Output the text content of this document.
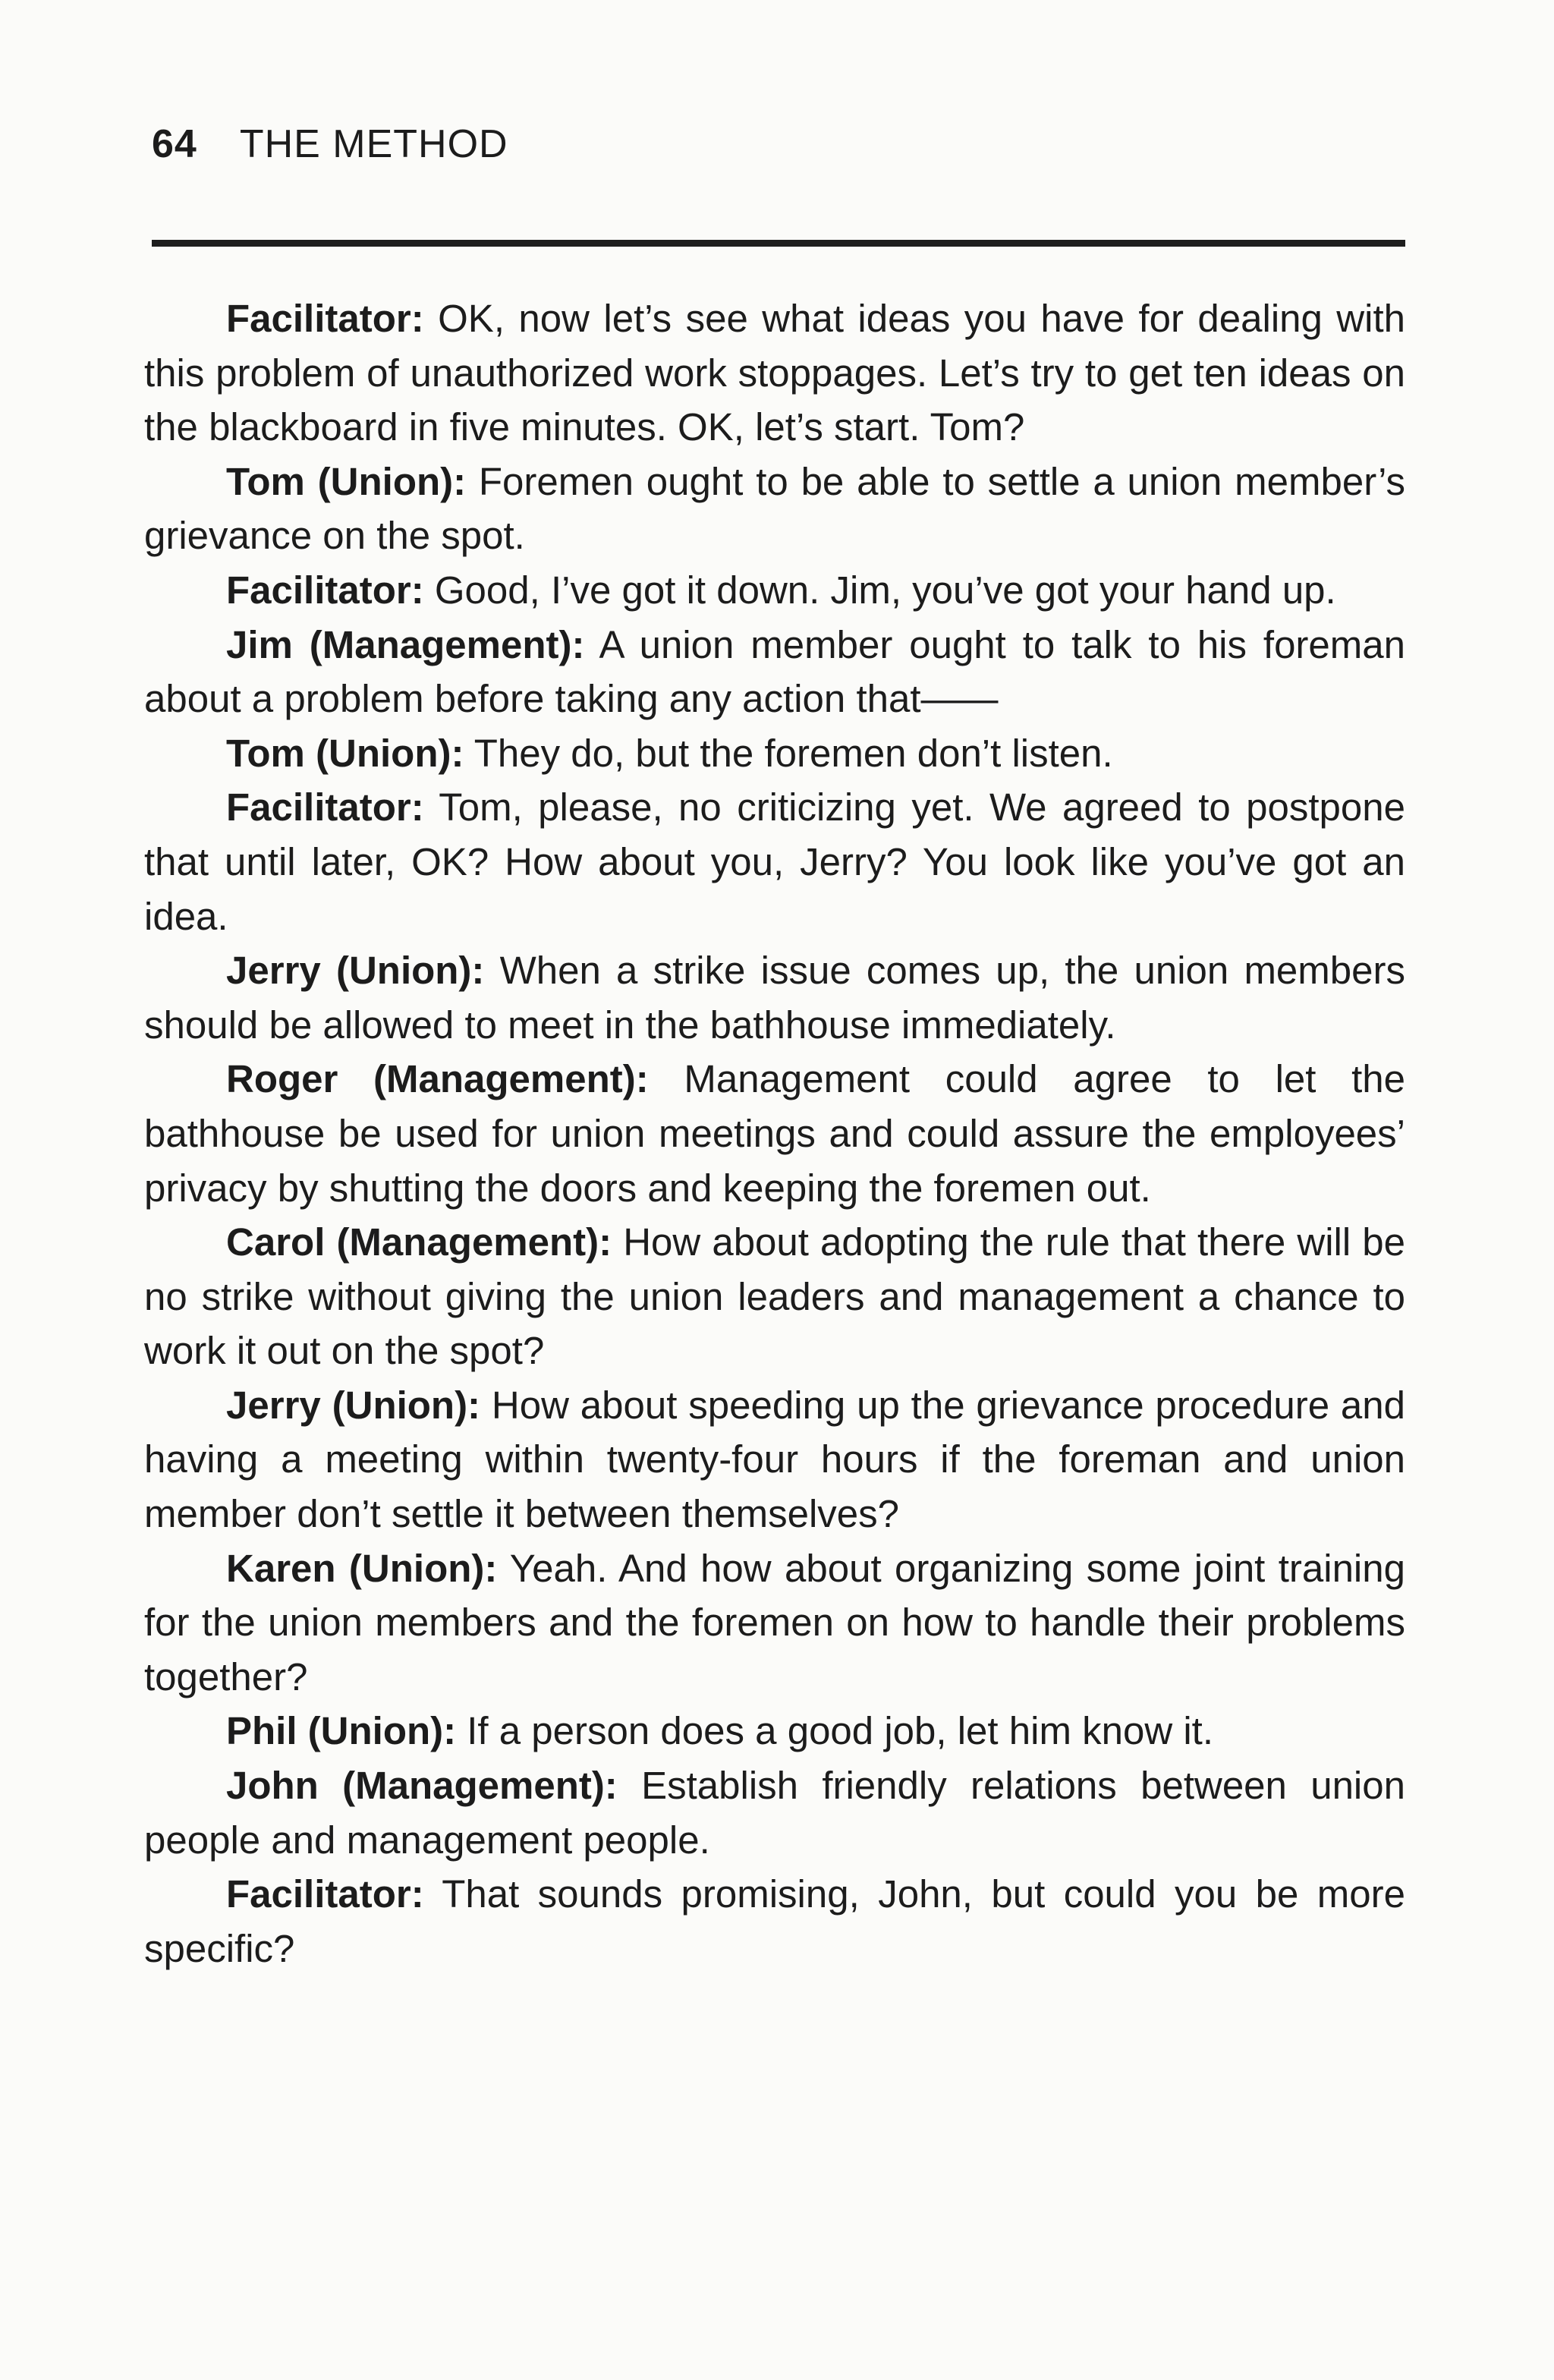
64 THE METHOD

Facilitator: OK, now let’s see what ideas you have for dealing with this problem of unauthorized work stoppages. Let’s try to get ten ideas on the blackboard in five minutes. OK, let’s start. Tom?

Tom (Union): Foremen ought to be able to settle a union member’s grievance on the spot.

Facilitator: Good, I’ve got it down. Jim, you’ve got your hand up.

Jim (Management): A union member ought to talk to his foreman about a problem before taking any action that——

Tom (Union): They do, but the foremen don’t listen.

Facilitator: Tom, please, no criticizing yet. We agreed to postpone that until later, OK? How about you, Jerry? You look like you’ve got an idea.

Jerry (Union): When a strike issue comes up, the union members should be allowed to meet in the bathhouse immediately.

Roger (Management): Management could agree to let the bathhouse be used for union meetings and could assure the employees’ privacy by shutting the doors and keeping the foremen out.

Carol (Management): How about adopting the rule that there will be no strike without giving the union leaders and management a chance to work it out on the spot?

Jerry (Union): How about speeding up the grievance procedure and having a meeting within twenty-four hours if the foreman and union member don’t settle it between themselves?

Karen (Union): Yeah. And how about organizing some joint training for the union members and the foremen on how to handle their problems together?

Phil (Union): If a person does a good job, let him know it.

John (Management): Establish friendly relations between union people and management people.

Facilitator: That sounds promising, John, but could you be more specific?
